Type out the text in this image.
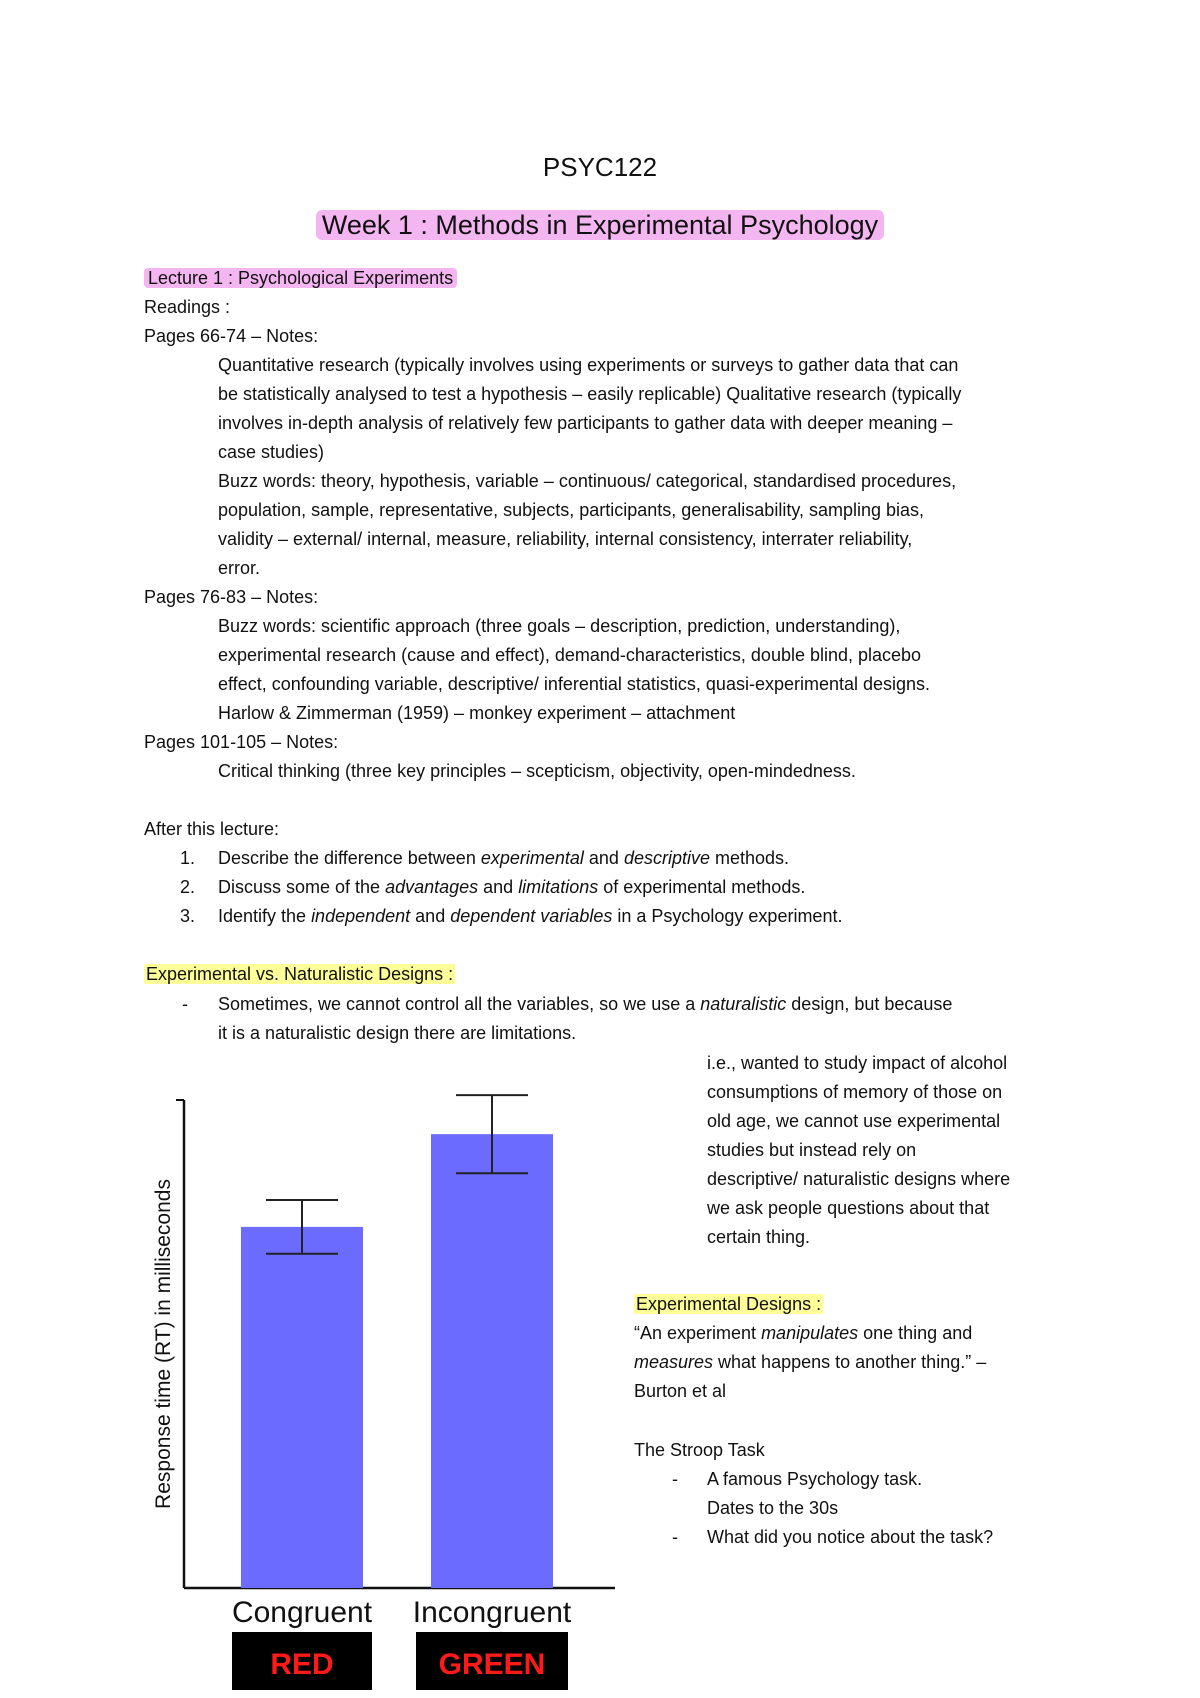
PSYC122
Week 1 : Methods in Experimental Psychology
Lecture 1 : Psychological Experiments
Readings :
Pages 66-74 – Notes:
Quantitative research (typically involves using experiments or surveys to gather data that can
be statistically analysed to test a hypothesis – easily replicable) Qualitative research (typically
involves in-depth analysis of relatively few participants to gather data with deeper meaning –
case studies)
Buzz words: theory, hypothesis, variable – continuous/ categorical, standardised procedures,
population, sample, representative, subjects, participants, generalisability, sampling bias,
validity – external/ internal, measure, reliability, internal consistency, interrater reliability,
error.
Pages 76-83 – Notes:
Buzz words: scientific approach (three goals – description, prediction, understanding),
experimental research (cause and effect), demand-characteristics, double blind, placebo
effect, confounding variable, descriptive/ inferential statistics, quasi-experimental designs.
Harlow & Zimmerman (1959) – monkey experiment – attachment
Pages 101-105 – Notes:
Critical thinking (three key principles – scepticism, objectivity, open-mindedness.
After this lecture:
1. Describe the difference between experimental and descriptive methods.
2. Discuss some of the advantages and limitations of experimental methods.
3. Identify the independent and dependent variables in a Psychology experiment.
Experimental vs. Naturalistic Designs :
- Sometimes, we cannot control all the variables, so we use a naturalistic design, but because
it is a naturalistic design there are limitations.
i.e., wanted to study impact of alcohol
consumptions of memory of those on
old age, we cannot use experimental
studies but instead rely on
descriptive/ naturalistic designs where
we ask people questions about that
certain thing.
Experimental Designs :
“An experiment manipulates one thing and
measures what happens to another thing.” –
Burton et al
The Stroop Task
- A famous Psychology task.
Dates to the 30s
- What did you notice about the task?
Response time (RT) in milliseconds
Congruent
RED
Incongruent
GREEN
